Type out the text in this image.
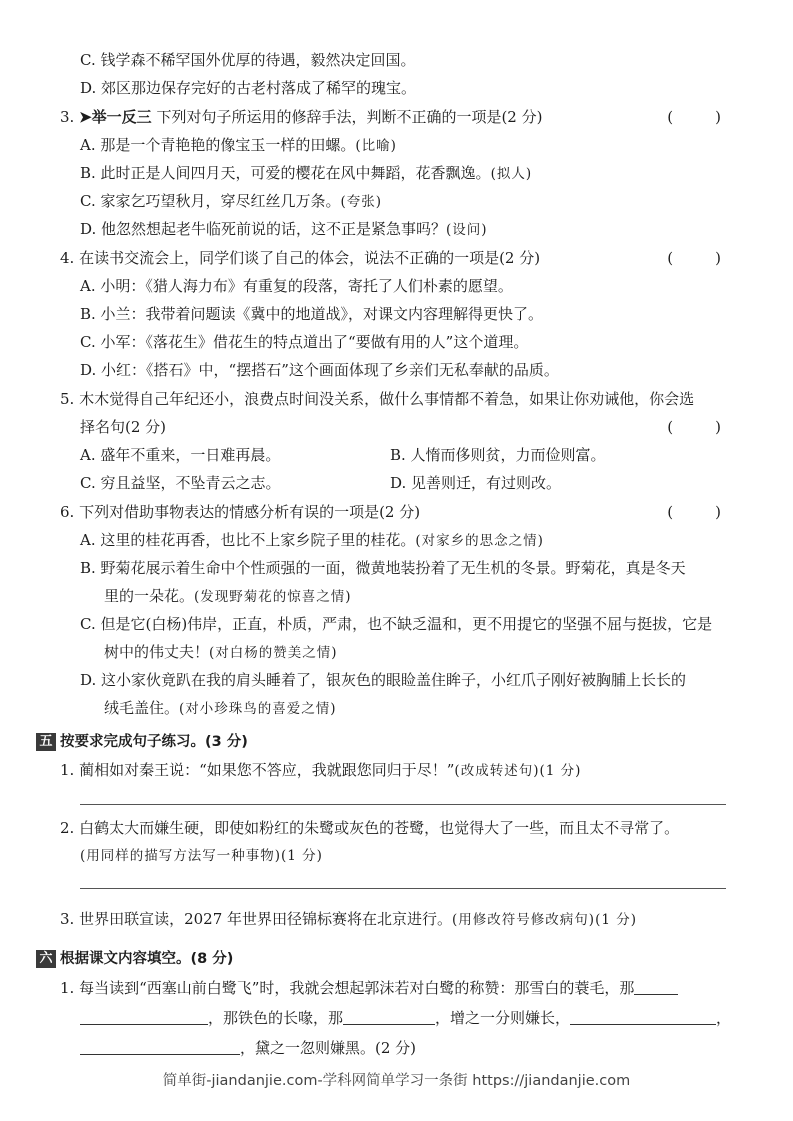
C. 钱学森不稀罕国外优厚的待遇，毅然决定回国。
D. 郊区那边保存完好的古老村落成了稀罕的瑰宝。
3. ➤举一反三 下列对句子所运用的修辞手法，判断不正确的一项是(2 分)	(　　)
A. 那是一个青艳艳的像宝玉一样的田螺。(比喻)
B. 此时正是人间四月天，可爱的樱花在风中舞蹈，花香飘逸。(拟人)
C. 家家乞巧望秋月，穿尽红丝几万条。(夸张)
D. 他忽然想起老牛临死前说的话，这不正是紧急事吗？(设问)
4. 在读书交流会上，同学们谈了自己的体会，说法不正确的一项是(2 分)	(　　)
A. 小明：《猎人海力布》有重复的段落，寄托了人们朴素的愿望。
B. 小兰：我带着问题读《冀中的地道战》，对课文内容理解得更快了。
C. 小军：《落花生》借花生的特点道出了“要做有用的人”这个道理。
D. 小红：《搭石》中，“摆搭石”这个画面体现了乡亲们无私奉献的品质。
5. 木木觉得自己年纪还小，浪费点时间没关系，做什么事情都不着急，如果让你劝诫他，你会选
择名句(2 分)	(　　)
A. 盛年不重来，一日难再晨。	B. 人惰而侈则贫，力而俭则富。
C. 穷且益坚，不坠青云之志。	D. 见善则迁，有过则改。
6. 下列对借助事物表达的情感分析有误的一项是(2 分)	(　　)
A. 这里的桂花再香，也比不上家乡院子里的桂花。(对家乡的思念之情)
B. 野菊花展示着生命中个性顽强的一面，微黄地装扮着了无生机的冬景。野菊花，真是冬天
里的一朵花。(发现野菊花的惊喜之情)
C. 但是它(白杨)伟岸，正直，朴质，严肃，也不缺乏温和，更不用提它的坚强不屈与挺拔，它是
树中的伟丈夫！(对白杨的赞美之情)
D. 这小家伙竟趴在我的肩头睡着了，银灰色的眼睑盖住眸子，小红爪子刚好被胸脯上长长的
绒毛盖住。(对小珍珠鸟的喜爱之情)
五 按要求完成句子练习。(3 分)
1. 蔺相如对秦王说：“如果您不答应，我就跟您同归于尽！”(改成转述句)(1 分)
2. 白鹤太大而嫌生硬，即使如粉红的朱鹭或灰色的苍鹭，也觉得大了一些，而且太不寻常了。
(用同样的描写方法写一种事物)(1 分)
3. 世界田联宣读，2027 年世界田径锦标赛将在北京进行。(用修改符号修改病句)(1 分)
六 根据课文内容填空。(8 分)
1. 每当读到“西塞山前白鹭飞”时，我就会想起郭沫若对白鹭的称赞：那雪白的蓑毛，那
，那铁色的长喙，那	，增之一分则嫌长，	，
，黛之一忽则嫌黑。(2 分)
简单街-jiandanjie.com-学科网简单学习一条街 https://jiandanjie.com
